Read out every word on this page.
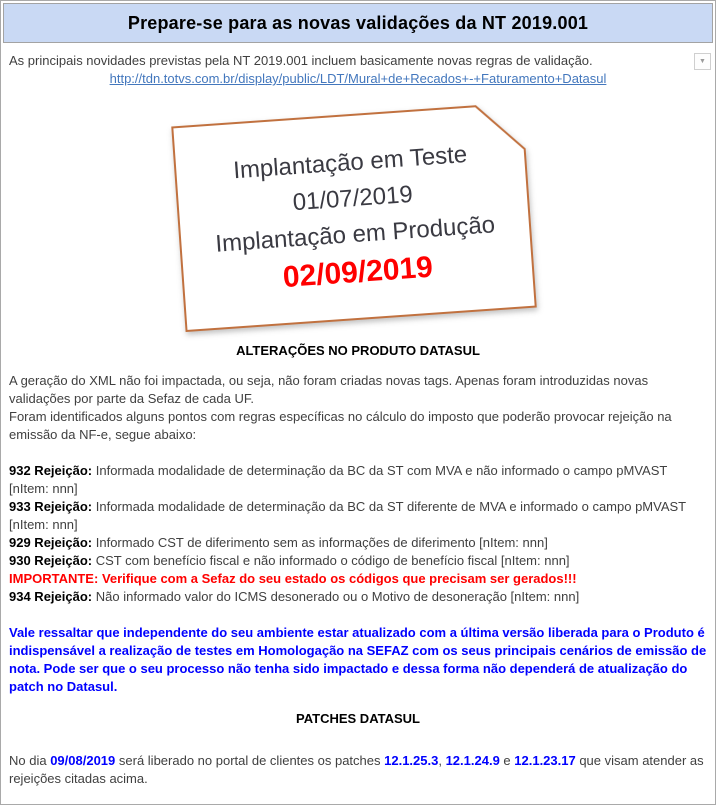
Prepare-se para as novas validações da NT 2019.001
▼
As principais novidades previstas pela NT 2019.001 incluem basicamente novas regras de validação.
http://tdn.totvs.com.br/display/public/LDT/Mural+de+Recados+-+Faturamento+Datasul
Implantação em Teste
01/07/2019
Implantação em Produção
02/09/2019
ALTERAÇÕES NO PRODUTO DATASUL
A geração do XML não foi impactada, ou seja, não foram criadas novas tags. Apenas foram introduzidas novas validações por parte da Sefaz de cada UF.
Foram identificados alguns pontos com regras específicas no cálculo do imposto que poderão provocar rejeição na emissão da NF-e, segue abaixo:
932 Rejeição: Informada modalidade de determinação da BC da ST com MVA e não informado o campo pMVAST [nItem: nnn]
933 Rejeição: Informada modalidade de determinação da BC da ST diferente de MVA e informado o campo pMVAST [nItem: nnn]
929 Rejeição: Informado CST de diferimento sem as informações de diferimento [nItem: nnn]
930 Rejeição: CST com benefício fiscal e não informado o código de benefício fiscal [nItem: nnn]
IMPORTANTE: Verifique com a Sefaz do seu estado os códigos que precisam ser gerados!!!
934 Rejeição: Não informado valor do ICMS desonerado ou o Motivo de desoneração [nItem: nnn]
Vale ressaltar que independente do seu ambiente estar atualizado com a última versão liberada para o Produto é indispensável a realização de testes em Homologação na SEFAZ com os seus principais cenários de emissão de nota. Pode ser que o seu processo não tenha sido impactado e dessa forma não dependerá de atualização do patch no Datasul.
PATCHES DATASUL
No dia 09/08/2019 será liberado no portal de clientes os patches 12.1.25.3, 12.1.24.9 e 12.1.23.17 que visam atender as rejeições citadas acima.
